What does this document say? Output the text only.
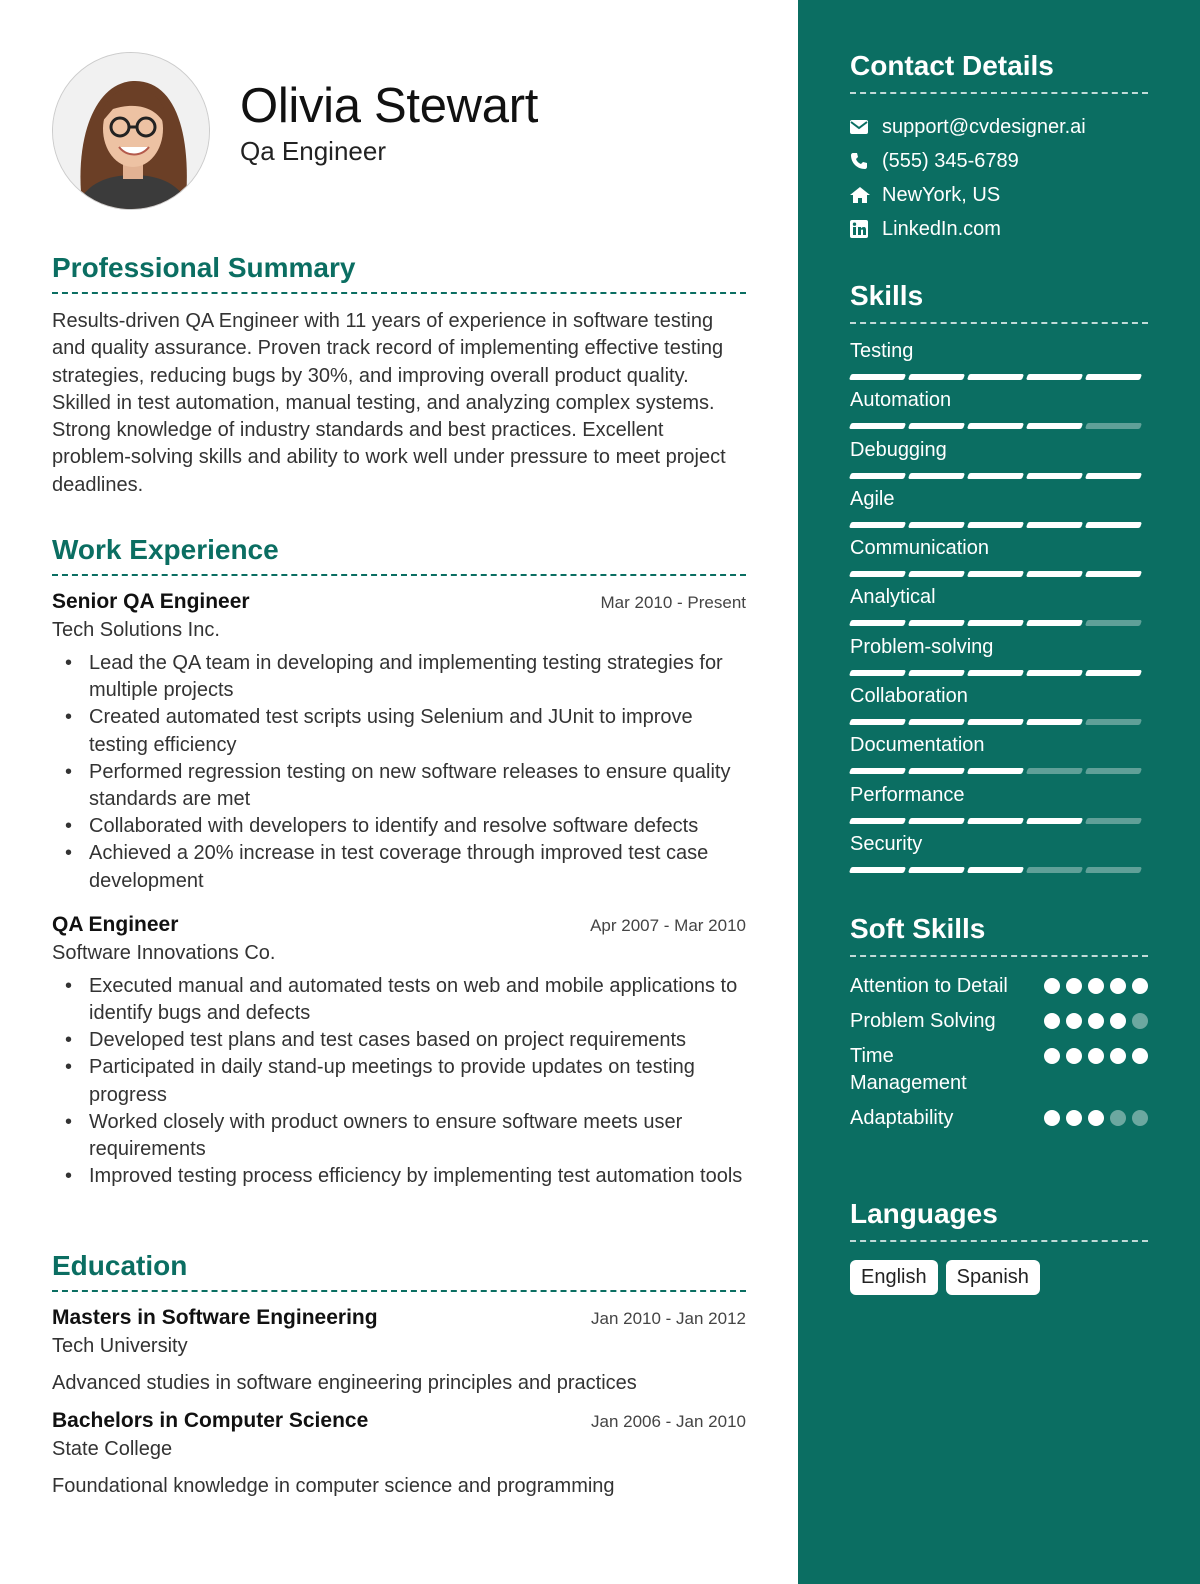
Olivia Stewart
Qa Engineer
Professional Summary

Results-driven QA Engineer with 11 years of experience in software testing and quality assurance. Proven track record of implementing effective testing strategies, reducing bugs by 30%, and improving overall product quality. Skilled in test automation, manual testing, and analyzing complex systems. Strong knowledge of industry standards and best practices. Excellent problem-solving skills and ability to work well under pressure to meet project deadlines.

Work Experience
Senior QA Engineer	Mar 2010 - Present
Tech Solutions Inc.
• Lead the QA team in developing and implementing testing strategies for multiple projects
• Created automated test scripts using Selenium and JUnit to improve testing efficiency
• Performed regression testing on new software releases to ensure quality standards are met
• Collaborated with developers to identify and resolve software defects
• Achieved a 20% increase in test coverage through improved test case development
QA Engineer	Apr 2007 - Mar 2010
Software Innovations Co.
• Executed manual and automated tests on web and mobile applications to identify bugs and defects
• Developed test plans and test cases based on project requirements
• Participated in daily stand-up meetings to provide updates on testing progress
• Worked closely with product owners to ensure software meets user requirements
• Improved testing process efficiency by implementing test automation tools
Education
Masters in Software Engineering	Jan 2010 - Jan 2012
Tech University
Advanced studies in software engineering principles and practices
Bachelors in Computer Science	Jan 2006 - Jan 2010
State College
Foundational knowledge in computer science and programming
Contact Details
support@cvdesigner.ai
(555) 345-6789
NewYork, US
LinkedIn.com
Skills
Testing
Automation
Debugging
Agile
Communication
Analytical
Problem-solving
Collaboration
Documentation
Performance
Security
Soft Skills
Attention to Detail
Problem Solving
Time Management
Adaptability
Languages
English	Spanish
